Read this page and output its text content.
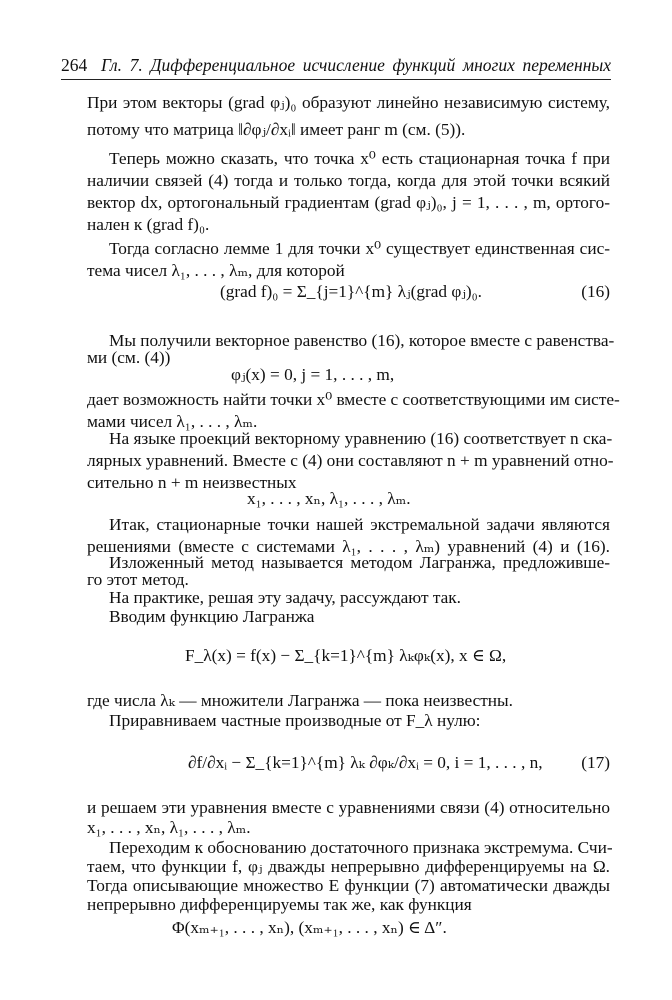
264 Гл. 7. Дифференциальное исчисление функций многих переменных
При этом векторы (grad φⱼ)₀ образуют линейно независимую систему,
потому что матрица ‖∂φⱼ/∂xᵢ‖ имеет ранг m (см. (5)).
Теперь можно сказать, что точка x⁰ есть стационарная точка f при
наличии связей (4) тогда и только тогда, когда для этой точки всякий
вектор dx, ортогональный градиентам (grad φⱼ)₀, j = 1, . . . , m, ортого-
нален к (grad f)₀.
Тогда согласно лемме 1 для точки x⁰ существует единственная сис-
тема чисел λ₁, . . . , λₘ, для которой
(grad f)₀ = Σ_{j=1}^{m} λⱼ(grad φⱼ)₀.	(16)
Мы получили векторное равенство (16), которое вместе с равенства-
ми (см. (4))
φⱼ(x) = 0, j = 1, . . . , m,
дает возможность найти точки x⁰ вместе с соответствующими им систе-
мами чисел λ₁, . . . , λₘ.
На языке проекций векторному уравнению (16) соответствует n ска-
лярных уравнений. Вместе с (4) они составляют n + m уравнений отно-
сительно n + m неизвестных
x₁, . . . , xₙ, λ₁, . . . , λₘ.
Итак, стационарные точки нашей экстремальной задачи являются
решениями (вместе с системами λ₁, . . . , λₘ) уравнений (4) и (16).
Изложенный метод называется методом Лагранжа, предложивше-
го этот метод.
На практике, решая эту задачу, рассуждают так.
Вводим функцию Лагранжа
F_λ(x) = f(x) − Σ_{k=1}^{m} λₖφₖ(x), x ∈ Ω,
где числа λₖ — множители Лагранжа — пока неизвестны.
Приравниваем частные производные от F_λ нулю:
∂f/∂xᵢ − Σ_{k=1}^{m} λₖ ∂φₖ/∂xᵢ = 0, i = 1, . . . , n, (17)
и решаем эти уравнения вместе с уравнениями связи (4) относительно
x₁, . . . , xₙ, λ₁, . . . , λₘ.
Переходим к обоснованию достаточного признака экстремума. Счи-
таем, что функции f, φⱼ дважды непрерывно дифференцируемы на Ω.
Тогда описывающие множество E функции (7) автоматически дважды
непрерывно дифференцируемы так же, как функция
Φ(xₘ₊₁, . . . , xₙ), (xₘ₊₁, . . . , xₙ) ∈ Δ″.
